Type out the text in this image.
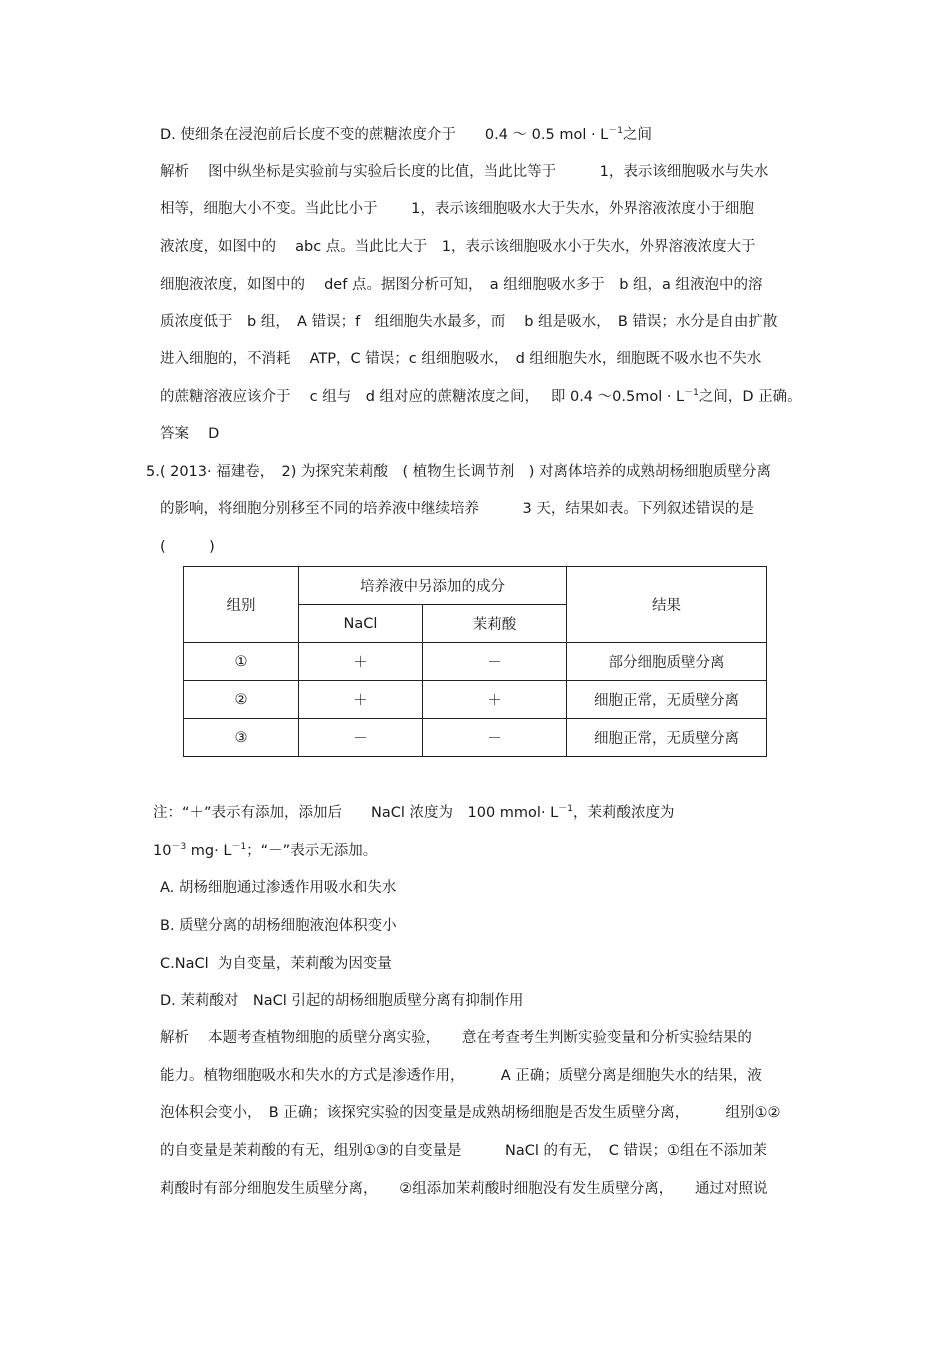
D. 使细条在浸泡前后长度不变的蔗糖浓度介于　　0.4 ～ 0.5 mol · $L^{-1}$之间
解析　 图中纵坐标是实验前与实验后长度的比值，当此比等于　　　1，表示该细胞吸水与失水
相等，细胞大小不变。当此比小于　　 1，表示该细胞吸水大于失水，外界溶液浓度小于细胞
液浓度，如图中的　 abc 点。当此比大于　1，表示该细胞吸水小于失水，外界溶液浓度大于
细胞液浓度，如图中的　 def 点。据图分析可知，　a 组细胞吸水多于　b 组，a 组液泡中的溶
质浓度低于　b 组，　A 错误；f　组细胞失水最多，而　 b 组是吸水，　B 错误；水分是自由扩散
进入细胞的，不消耗　 ATP，C 错误；c 组细胞吸水，　d 组细胞失水，细胞既不吸水也不失水
的蔗糖溶液应该介于　 c 组与　d 组对应的蔗糖浓度之间，　 即 0.4 ～0.5mol · $L^{-1}$之间，D 正确。
答案　 D
5.( 2013· 福建卷，　2) 为探究茉莉酸　( 植物生长调节剂　) 对离体培养的成熟胡杨细胞质壁分离
的影响，将细胞分别移至不同的培养液中继续培养　　　3 天，结果如表。下列叙述错误的是
(　　　)
组别	培养液中另添加的成分		结果
	NaCl	茉莉酸	
①	＋	－	部分细胞质壁分离
②	＋	＋	细胞正常，无质壁分离
③	－	－	细胞正常，无质壁分离
注：“＋”表示有添加，添加后　　NaCl 浓度为　100 mmol· $L^{-1}$，茉莉酸浓度为
$10^{-3}$ $mg\cdot L^{-1}$；“－”表示无添加。
A. 胡杨细胞通过渗透作用吸水和失水
B. 质壁分离的胡杨细胞液泡体积变小
C.NaCl  为自变量，茉莉酸为因变量
D. 茉莉酸对　NaCl 引起的胡杨细胞质壁分离有抑制作用
解析　 本题考查植物细胞的质壁分离实验，　　意在考查考生判断实验变量和分析实验结果的
能力。植物细胞吸水和失水的方式是渗透作用，　　　A 正确；质壁分离是细胞失水的结果，液
泡体积会变小，　B 正确；该探究实验的因变量是成熟胡杨细胞是否发生质壁分离，　　　组别①②
的自变量是茉莉酸的有无，组别①③的自变量是　　　NaCl 的有无，　C 错误；①组在不添加茉
莉酸时有部分细胞发生质壁分离，　　②组添加茉莉酸时细胞没有发生质壁分离，　　通过对照说
